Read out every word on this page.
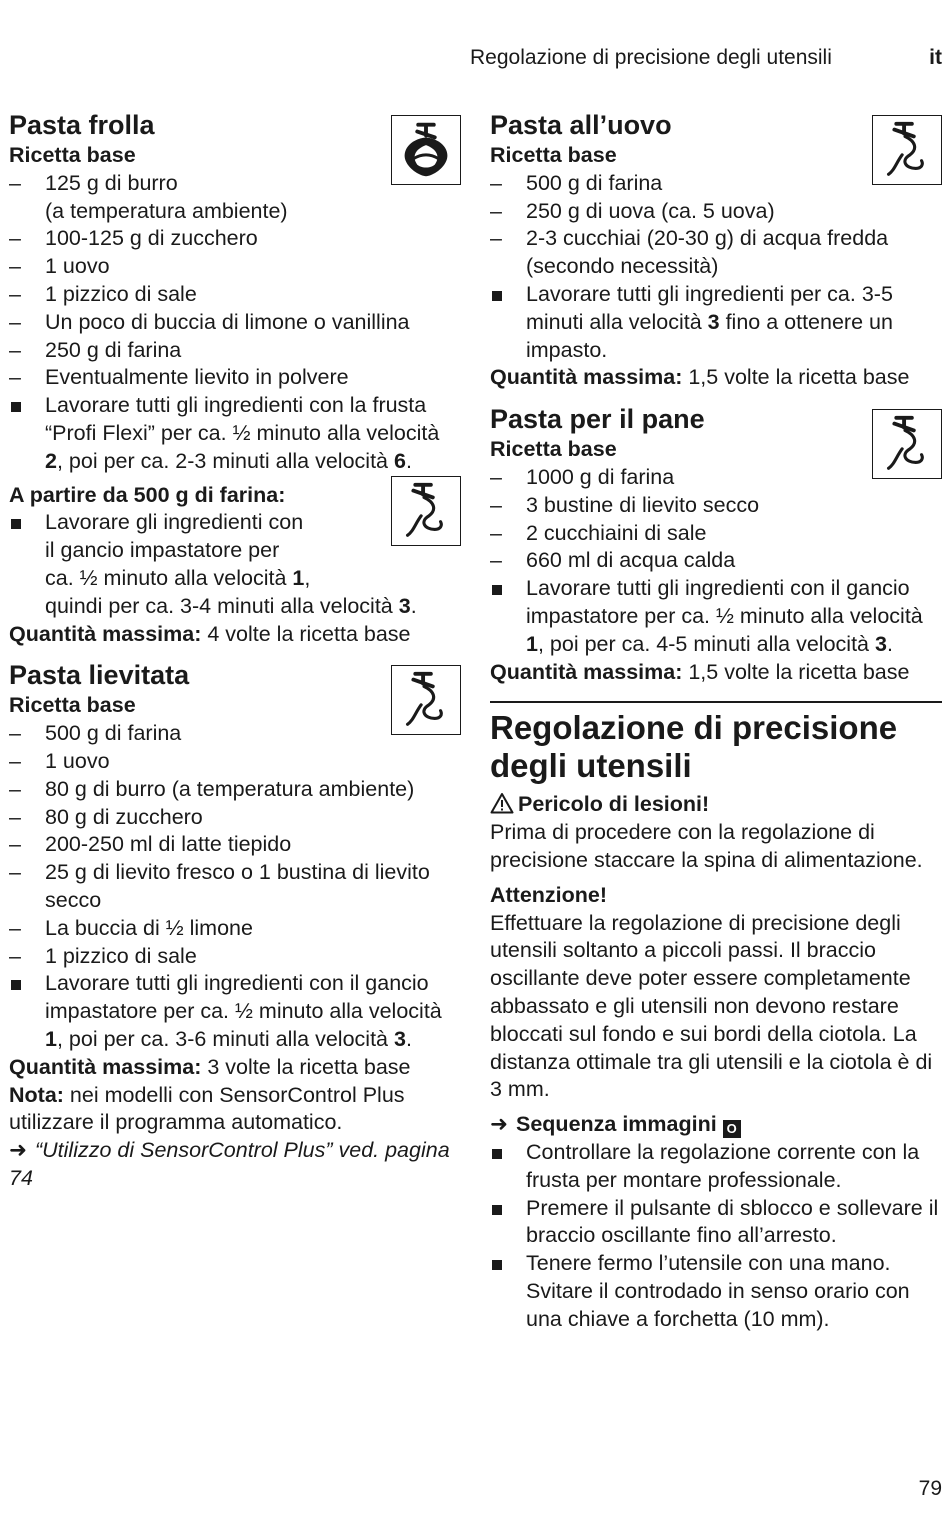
Regolazione di precisione degli utensili	it
Pasta frolla
Ricetta base
– 125 g di burro
(a temperatura ambiente)
– 100-125 g di zucchero
– 1 uovo
– 1 pizzico di sale
– Un poco di buccia di limone o vanillina
– 250 g di farina
– Eventualmente lievito in polvere
Lavorare tutti gli ingredienti con la frusta “Profi Flexi” per ca. ½ minuto alla velocità 2, poi per ca. 2-3 minuti alla velocità 6.
A partire da 500 g di farina:
Lavorare gli ingredienti con
il gancio impastatore per
ca. ½ minuto alla velocità 1,
quindi per ca. 3-4 minuti alla velocità 3.
Quantità massima: 4 volte la ricetta base
Pasta lievitata
Ricetta base
– 500 g di farina
– 1 uovo
– 80 g di burro (a temperatura ambiente)
– 80 g di zucchero
– 200-250 ml di latte tiepido
– 25 g di lievito fresco o 1 bustina di lievito secco
– La buccia di ½ limone
– 1 pizzico di sale
Lavorare tutti gli ingredienti con il gancio impastatore per ca. ½ minuto alla velocità 1, poi per ca. 3-6 minuti alla velocità 3.
Quantità massima: 3 volte la ricetta base
Nota: nei modelli con SensorControl Plus utilizzare il programma automatico.
➜ “Utilizzo di SensorControl Plus” ved. pagina 74
Pasta all’uovo
Ricetta base
– 500 g di farina
– 250 g di uova (ca. 5 uova)
– 2-3 cucchiai (20-30 g) di acqua fredda (secondo necessità)
Lavorare tutti gli ingredienti per ca. 3-5 minuti alla velocità 3 fino a ottenere un impasto.
Quantità massima: 1,5 volte la ricetta base
Pasta per il pane
Ricetta base
– 1000 g di farina
– 3 bustine di lievito secco
– 2 cucchiaini di sale
– 660 ml di acqua calda
Lavorare tutti gli ingredienti con il gancio impastatore per ca. ½ minuto alla velocità 1, poi per ca. 4-5 minuti alla velocità 3.
Quantità massima: 1,5 volte la ricetta base
Regolazione di precisione degli utensili
Pericolo di lesioni!
Prima di procedere con la regolazione di precisione staccare la spina di alimentazione.
Attenzione!
Effettuare la regolazione di precisione degli utensili soltanto a piccoli passi. Il braccio oscillante deve poter essere completamente abbassato e gli utensili non devono restare bloccati sul fondo e sui bordi della ciotola. La distanza ottimale tra gli utensili e la ciotola è di 3 mm.
➜ Sequenza immagini O
Controllare la regolazione corrente con la frusta per montare professionale.
Premere il pulsante di sblocco e sollevare il braccio oscillante fino all’arresto.
Tenere fermo l’utensile con una mano. Svitare il controdado in senso orario con una chiave a forchetta (10 mm).
79
